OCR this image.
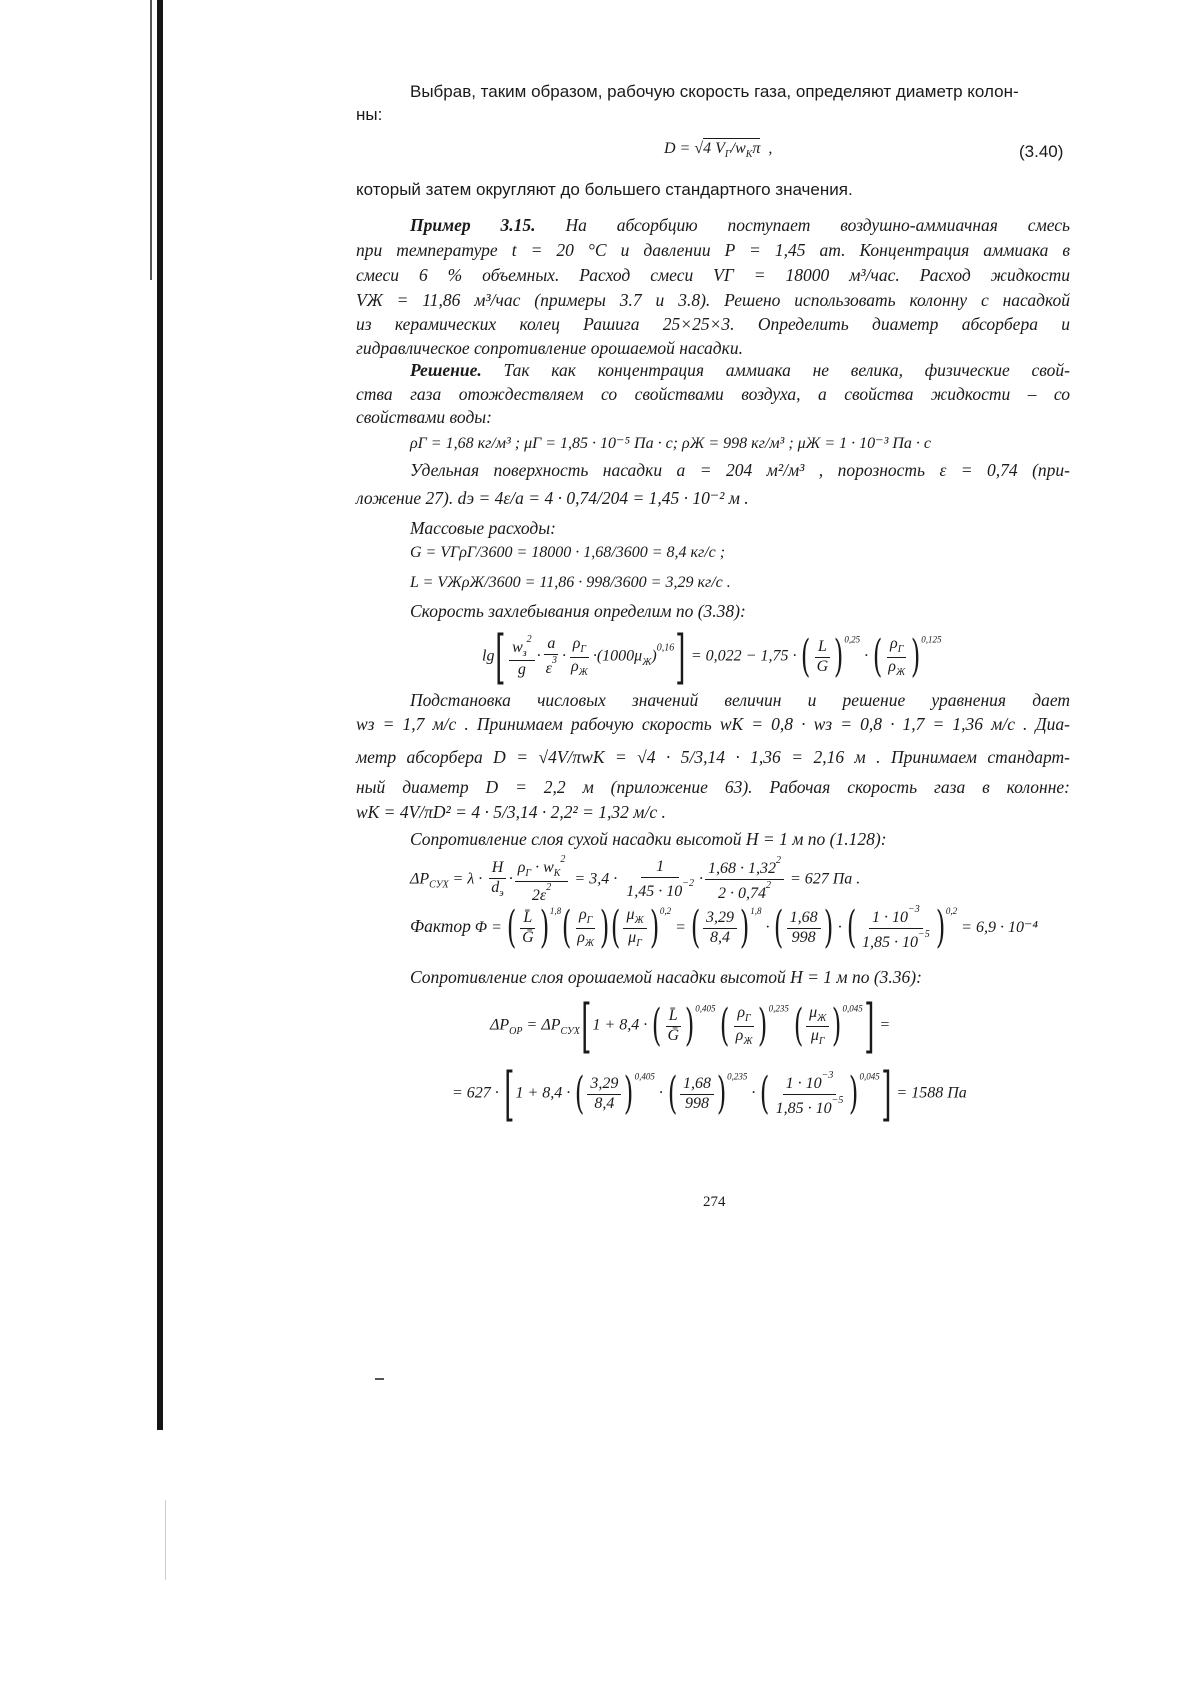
Выбрав, таким образом, рабочую скорость газа, определяют диаметр колон-
ны:
D = √4 $V_Г/w_К\pi$  ,	(3.40)
который затем округляют до большего стандартного значения.
Пример 3.15. На абсорбцию поступает воздушно-аммиачная смесь
при температуре t = 20 °С и давлении P = 1,45 ат. Концентрация аммиака в
смеси 6 % объемных. Расход смеси VГ = 18000 м³/час. Расход жидкости
VЖ = 11,86 м³/час (примеры 3.7 и 3.8). Решено использовать колонну с насадкой
из керамических колец Рашига 25×25×3. Определить диаметр абсорбера и
гидравлическое сопротивление орошаемой насадки.
Решение. Так как концентрация аммиака не велика, физические свой-
ства газа отождествляем со свойствами воздуха, а свойства жидкости – со
свойствами воды:
ρГ = 1,68 кг/м³ ; μГ = 1,85 · 10⁻⁵ Па · с; ρЖ = 998 кг/м³ ; μЖ = 1 · 10⁻³ Па · с
Удельная поверхность насадки a = 204 м²/м³ , порозность ε = 0,74 (при-
ложение 27). dэ = 4ε/a = 4 · 0,74/204 = 1,45 · 10⁻² м .
Массовые расходы:
G = VГρГ/3600 = 18000 · 1,68/3600 = 8,4 кг/с ;
L = VЖρЖ/3600 = 11,86 · 998/3600 = 3,29 кг/с .
Скорость захлебывания определим по (3.38):
$\lg[ \frac{w_з^2}{g} \cdot \frac{a}{\varepsilon^3} \cdot \frac{\rho_Г}{\rho_Ж} \cdot(1000\mu_Ж)^{0,16}] = 0,022 - 1,75$ · ( $\frac{L}{G} )^{0,25}$ · ( $\frac{\rho_Г}{\rho_Ж} )^{0,125}$
Подстановка числовых значений величин и решение уравнения дает
wз = 1,7 м/с . Принимаем рабочую скорость wК = 0,8 · wз = 0,8 · 1,7 = 1,36 м/с . Диа-
метр абсорбера D = √4V/πwК = √4 · 5/3,14 · 1,36 = 2,16 м . Принимаем стандарт-
ный диаметр D = 2,2 м (приложение 63). Рабочая скорость газа в колонне:
wК = 4V/πD² = 4 · 5/3,14 · 2,2² = 1,32 м/с .
Сопротивление слоя сухой насадки высотой H = 1 м по (1.128):
$\Delta P_{СУХ} = \lambda \cdot \frac{H}{d_э} \cdot \frac{\rho_Г \cdot w_К^2}{2\varepsilon^2} = 3,4 \cdot \frac{1}{1,45 \cdot 10^{-2}} \cdot \frac{1,68 \cdot 1,32^2}{2 \cdot 0,74^2} = 627$ Па .
Фактор Φ = ( $\frac{L̄}{\text{Ḡ}} )^{1,8}( \frac{\rho_Г}{\rho_Ж}$ )( $\frac{\mu_Ж}{\mu_Г} )^{0,2}$ = ( $\frac{3,29}{8,4} )^{1,8}$ · ( $\frac{1,68}{998}$ ) · ( $\frac{1 \cdot 10^{-3}}{1,85 \cdot 10^{-5}} )^{0,2} = 6,9 \cdot 10^{-4}$
Сопротивление слоя орошаемой насадки высотой H = 1 м по (3.36):
$\Delta P_{ОР} = \Delta P_{СУХ}[1 + 8,4$ · ( $\frac{L̄}{\text{Ḡ}} )^{0,405}$ ( $\frac{\rho_Г}{\rho_Ж} )^{0,235}$ ( $\frac{\mu_Ж}{\mu_Г} )^{0,045}$] =
= 627 · [1 + 8,4 · ( $\frac{3,29}{8,4} )^{0,405}$ · ( $\frac{1,68}{998} )^{0,235}$ · ( $\frac{1 \cdot 10^{-3}}{1,85 \cdot 10^{-5}} )^{0,045}] = 1588$ Па
274
